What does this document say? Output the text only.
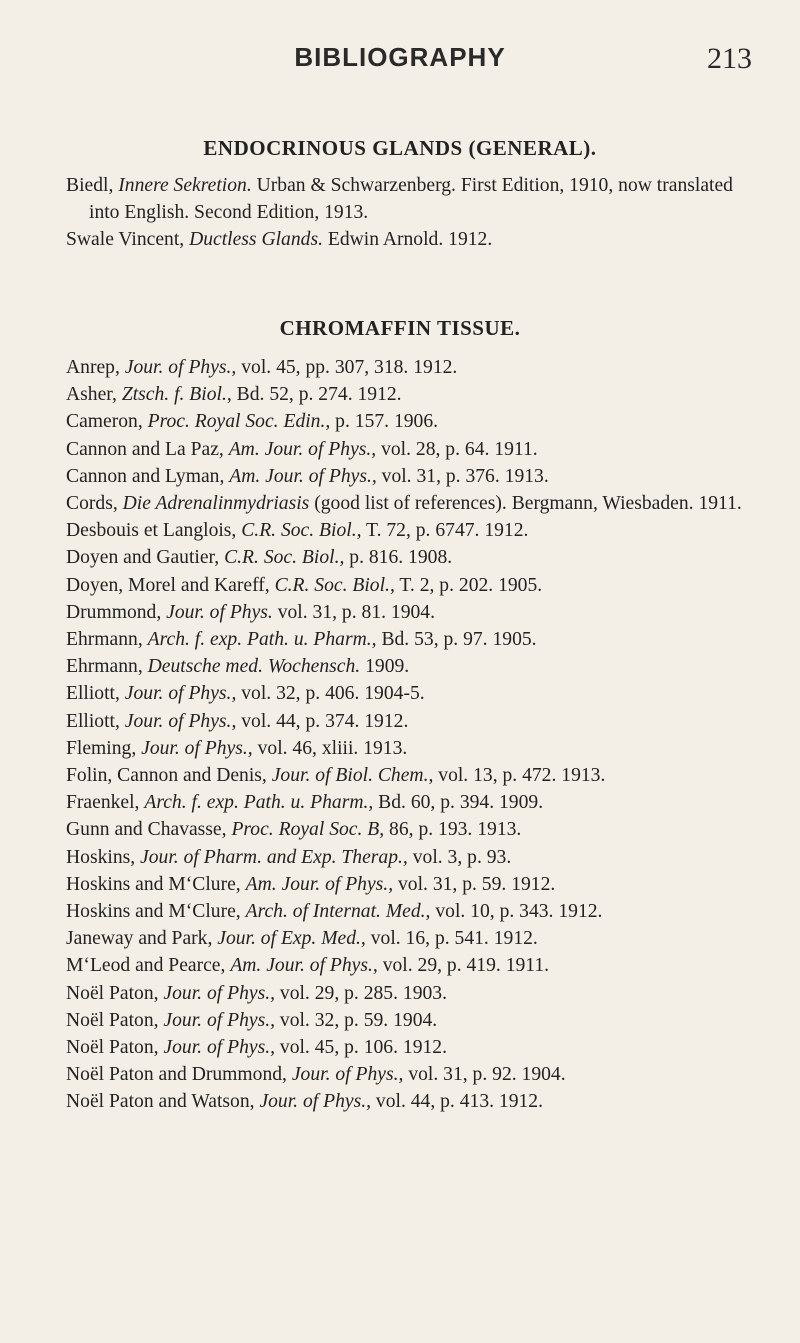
BIBLIOGRAPHY	213
ENDOCRINOUS GLANDS (GENERAL).

Biedl, Innere Sekretion. Urban & Schwarzenberg. First Edition, 1910, now translated into English. Second Edition, 1913.

Swale Vincent, Ductless Glands. Edwin Arnold. 1912.

CHROMAFFIN TISSUE.

Anrep, Jour. of Phys., vol. 45, pp. 307, 318. 1912.

Asher, Ztsch. f. Biol., Bd. 52, p. 274. 1912.

Cameron, Proc. Royal Soc. Edin., p. 157. 1906.

Cannon and La Paz, Am. Jour. of Phys., vol. 28, p. 64. 1911.

Cannon and Lyman, Am. Jour. of Phys., vol. 31, p. 376. 1913.

Cords, Die Adrenalinmydriasis (good list of references). Bergmann, Wiesbaden. 1911.

Desbouis et Langlois, C.R. Soc. Biol., T. 72, p. 6747. 1912.

Doyen and Gautier, C.R. Soc. Biol., p. 816. 1908.

Doyen, Morel and Kareff, C.R. Soc. Biol., T. 2, p. 202. 1905.

Drummond, Jour. of Phys. vol. 31, p. 81. 1904.

Ehrmann, Arch. f. exp. Path. u. Pharm., Bd. 53, p. 97. 1905.

Ehrmann, Deutsche med. Wochensch. 1909.

Elliott, Jour. of Phys., vol. 32, p. 406. 1904-5.

Elliott, Jour. of Phys., vol. 44, p. 374. 1912.

Fleming, Jour. of Phys., vol. 46, xliii. 1913.

Folin, Cannon and Denis, Jour. of Biol. Chem., vol. 13, p. 472. 1913.

Fraenkel, Arch. f. exp. Path. u. Pharm., Bd. 60, p. 394. 1909.

Gunn and Chavasse, Proc. Royal Soc. B, 86, p. 193. 1913.

Hoskins, Jour. of Pharm. and Exp. Therap., vol. 3, p. 93.

Hoskins and M‘Clure, Am. Jour. of Phys., vol. 31, p. 59. 1912.

Hoskins and M‘Clure, Arch. of Internat. Med., vol. 10, p. 343. 1912.

Janeway and Park, Jour. of Exp. Med., vol. 16, p. 541. 1912.

M‘Leod and Pearce, Am. Jour. of Phys., vol. 29, p. 419. 1911.

Noël Paton, Jour. of Phys., vol. 29, p. 285. 1903.

Noël Paton, Jour. of Phys., vol. 32, p. 59. 1904.

Noël Paton, Jour. of Phys., vol. 45, p. 106. 1912.

Noël Paton and Drummond, Jour. of Phys., vol. 31, p. 92. 1904.

Noël Paton and Watson, Jour. of Phys., vol. 44, p. 413. 1912.
